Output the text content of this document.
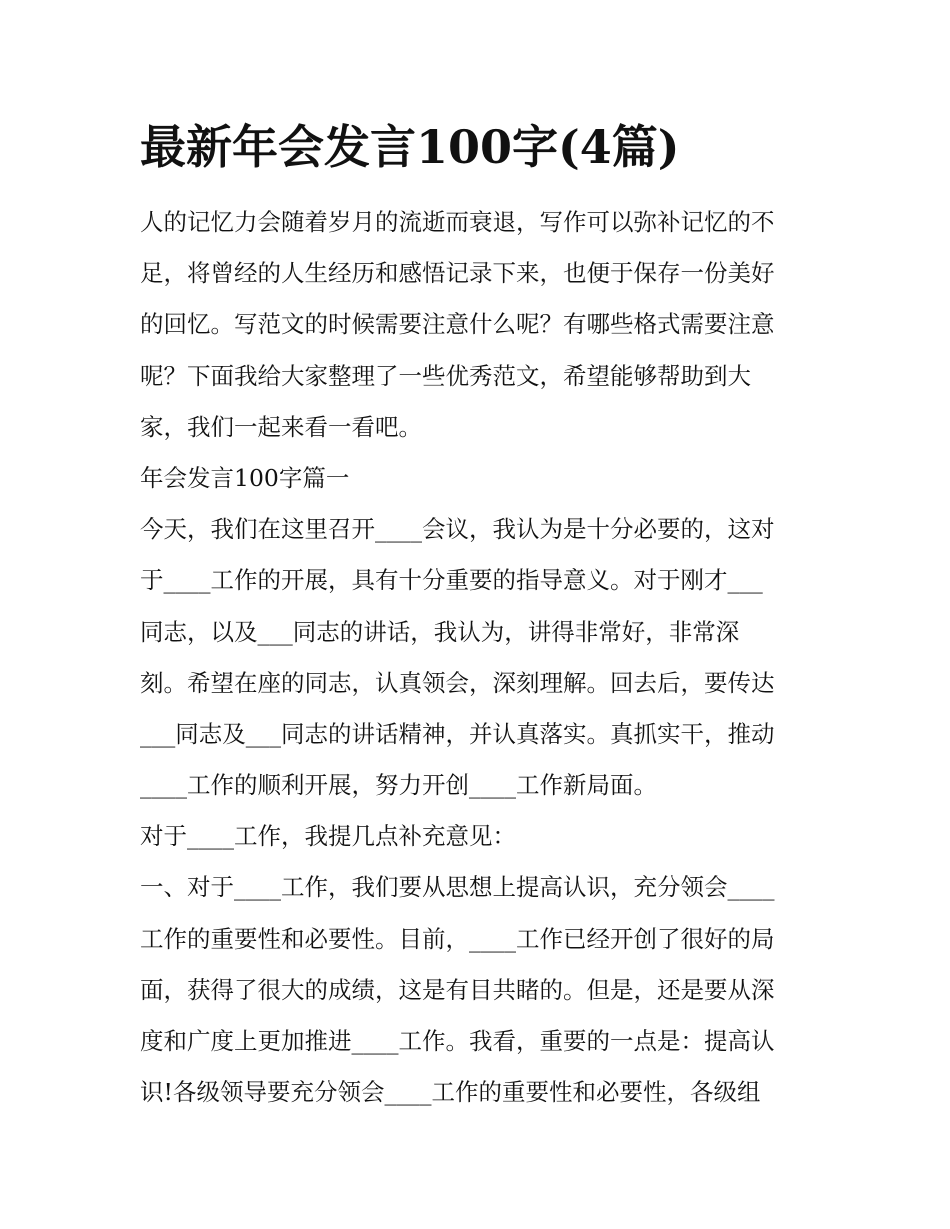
最新年会发言100字(4篇)
人的记忆力会随着岁月的流逝而衰退，写作可以弥补记忆的不
足，将曾经的人生经历和感悟记录下来，也便于保存一份美好
的回忆。写范文的时候需要注意什么呢？有哪些格式需要注意
呢？下面我给大家整理了一些优秀范文，希望能够帮助到大
家，我们一起来看一看吧。
年会发言100字篇一
今天，我们在这里召开____会议，我认为是十分必要的，这对
于____工作的开展，具有十分重要的指导意义。对于刚才___
同志，以及___同志的讲话，我认为，讲得非常好，非常深
刻。希望在座的同志，认真领会，深刻理解。回去后，要传达
___同志及___同志的讲话精神，并认真落实。真抓实干，推动
____工作的顺利开展，努力开创____工作新局面。
对于____工作，我提几点补充意见：
一、对于____工作，我们要从思想上提高认识，充分领会____
工作的重要性和必要性。目前，____工作已经开创了很好的局
面，获得了很大的成绩，这是有目共睹的。但是，还是要从深
度和广度上更加推进____工作。我看，重要的一点是：提高认
识!各级领导要充分领会____工作的重要性和必要性，各级组
